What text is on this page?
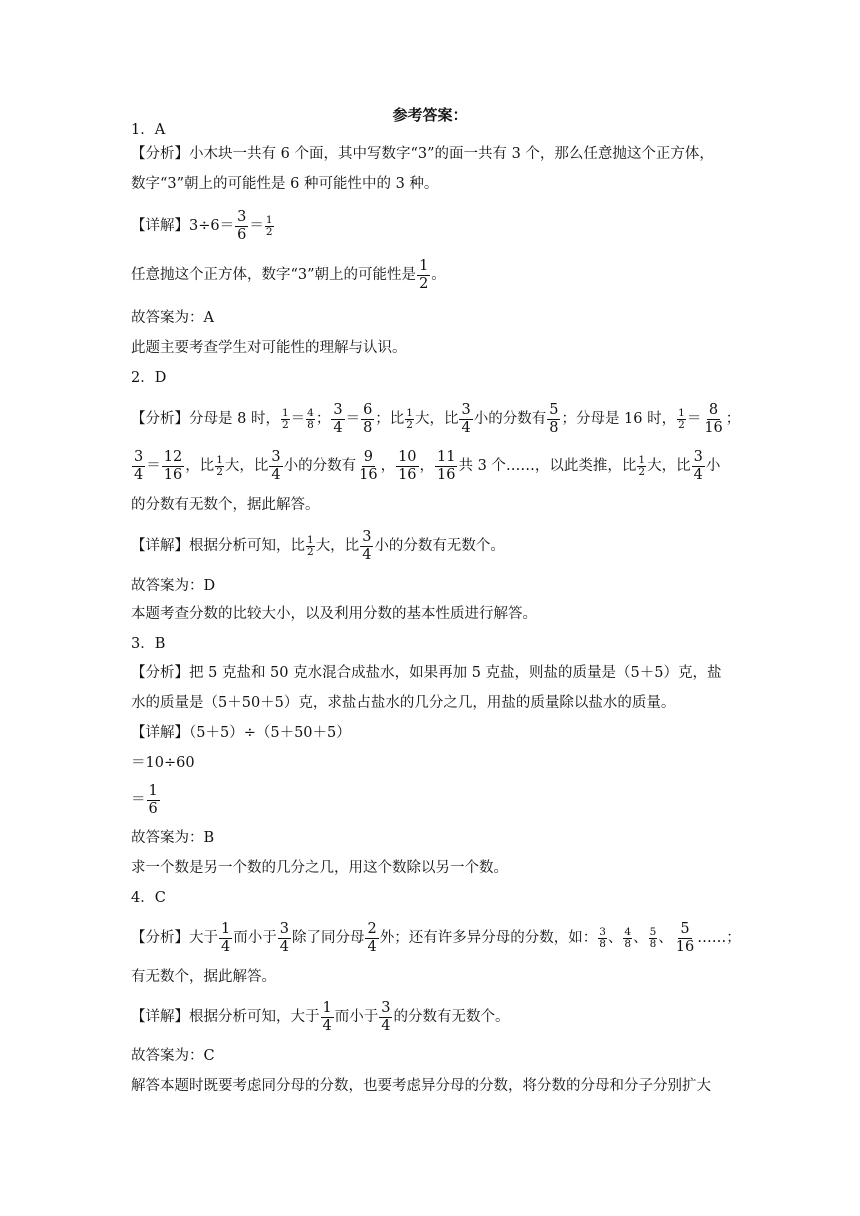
参考答案：
1．A
【分析】小木块一共有 6 个面，其中写数字“3”的面一共有 3 个，那么任意抛这个正方体，
数字“3”朝上的可能性是 6 种可能性中的 3 种。
【详解】$3\div 6= \frac{3}{6} = \frac{1}{2}$
任意抛这个正方体，数字“3”朝上的可能性是 $\frac{1}{2}$ 。
故答案为：A
此题主要考查学生对可能性的理解与认识。
2．D
【分析】分母是 8 时， $\frac{1}{2} = \frac{4}{8}$ ； $\frac{3}{4} = \frac{6}{8}$ ；比 $\frac{1}{2}$ 大，比 $\frac{3}{4}$ 小的分数有 $\frac{5}{8}$ ；分母是 16 时， $\frac{1}{2} = \frac{8}{16}$ ；
$\frac{3}{4} = \frac{12}{16}$ ，比 $\frac{1}{2}$ 大，比 $\frac{3}{4}$ 小的分数有 $\frac{9}{16}$ ， $\frac{10}{16}$ ， $\frac{11}{16}$ 共 3 个……，以此类推，比 $\frac{1}{2}$ 大，比 $\frac{3}{4}$ 小
的分数有无数个，据此解答。
【详解】根据分析可知，比 $\frac{1}{2}$ 大，比 $\frac{3}{4}$ 小的分数有无数个。
故答案为：D
本题考查分数的比较大小，以及利用分数的基本性质进行解答。
3．B
【分析】把 5 克盐和 50 克水混合成盐水，如果再加 5 克盐，则盐的质量是（5＋5）克，盐
水的质量是（5＋50＋5）克，求盐占盐水的几分之几，用盐的质量除以盐水的质量。
【详解】（5＋5）÷（5＋50＋5）
＝10÷60
＝ $\frac{1}{6}$
故答案为：B
求一个数是另一个数的几分之几，用这个数除以另一个数。
4．C
【分析】大于 $\frac{1}{4}$ 而小于 $\frac{3}{4}$ 除了同分母 $\frac{2}{4}$ 外；还有许多异分母的分数，如： $\frac{3}{8}$ 、 $\frac{4}{8}$ 、 $\frac{5}{8}$ 、 $\frac{5}{16}$ ……；
有无数个，据此解答。
【详解】根据分析可知，大于 $\frac{1}{4}$ 而小于 $\frac{3}{4}$ 的分数有无数个。
故答案为：C
解答本题时既要考虑同分母的分数，也要考虑异分母的分数，将分数的分母和分子分别扩大
